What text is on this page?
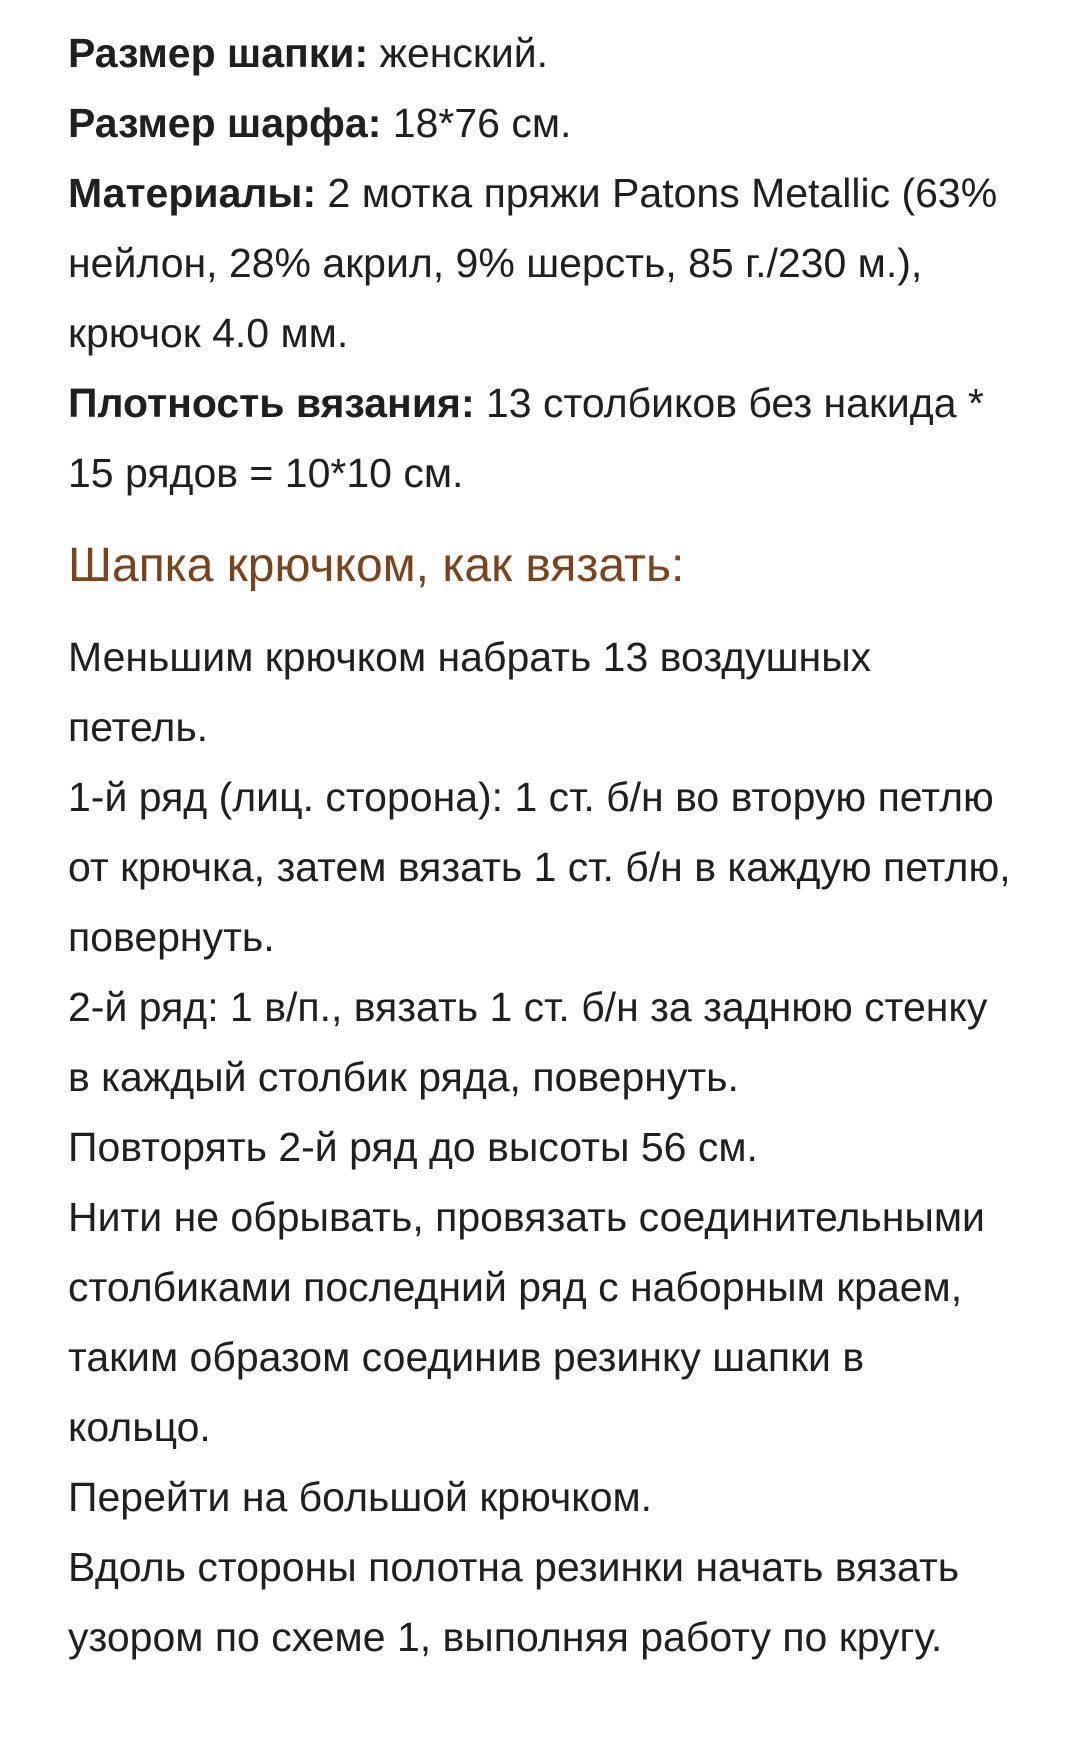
Размер шапки: женский.

Размер шарфа: 18*76 см.

Материалы: 2 мотка пряжи Patons Metallic (63% нейлон, 28% акрил, 9% шерсть, 85 г./230 м.), крючок 4.0 мм.

Плотность вязания: 13 столбиков без накида * 15 рядов = 10*10 см.

Шапка крючком, как вязать:

Меньшим крючком набрать 13 воздушных петель.

1-й ряд (лиц. сторона): 1 ст. б/н во вторую петлю от крючка, затем вязать 1 ст. б/н в каждую петлю, повернуть.

2-й ряд: 1 в/п., вязать 1 ст. б/н за заднюю стенку в каждый столбик ряда, повернуть.

Повторять 2-й ряд до высоты 56 см.

Нити не обрывать, провязать соединительными столбиками последний ряд с наборным краем, таким образом соединив резинку шапки в кольцо.

Перейти на большой крючком.

Вдоль стороны полотна резинки начать вязать узором по схеме 1, выполняя работу по кругу.
